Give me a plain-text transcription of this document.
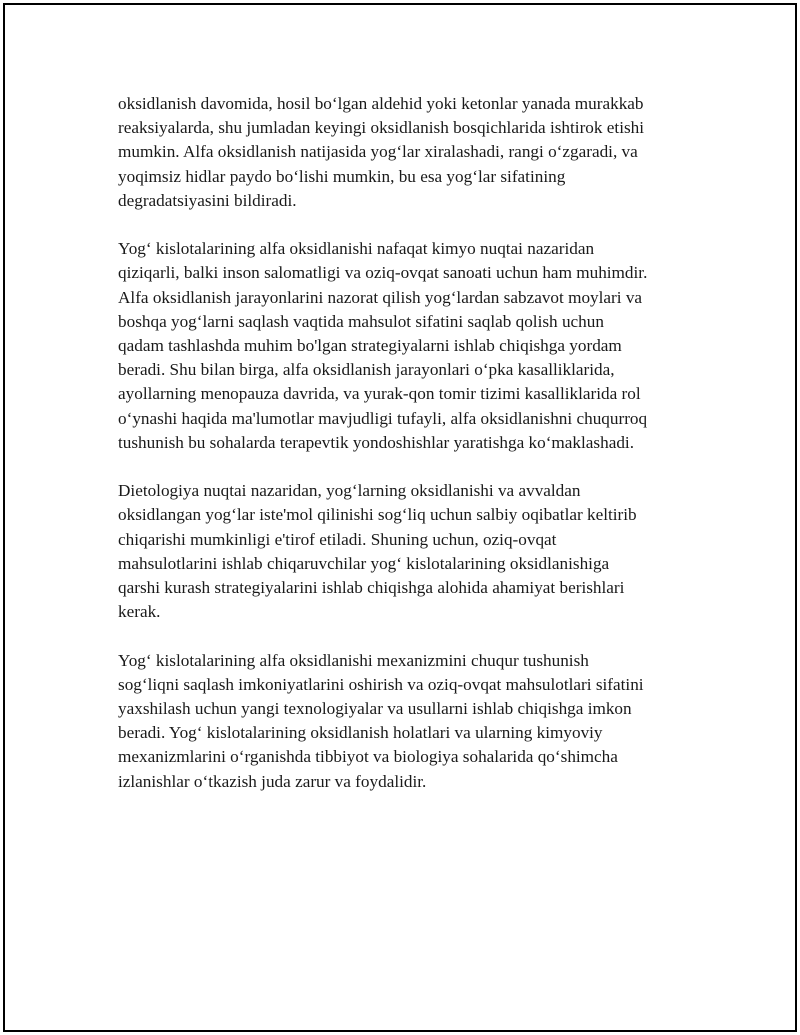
oksidlanish davomida, hosil bo‘lgan aldehid yoki ketonlar yanada murakkab
reaksiyalarda, shu jumladan keyingi oksidlanish bosqichlarida ishtirok etishi
mumkin. Alfa oksidlanish natijasida yog‘lar xiralashadi, rangi o‘zgaradi, va
yoqimsiz hidlar paydo bo‘lishi mumkin, bu esa yog‘lar sifatining
degradatsiyasini bildiradi.

Yog‘ kislotalarining alfa oksidlanishi nafaqat kimyo nuqtai nazaridan
qiziqarli, balki inson salomatligi va oziq-ovqat sanoati uchun ham muhimdir.
Alfa oksidlanish jarayonlarini nazorat qilish yog‘lardan sabzavot moylari va
boshqa yog‘larni saqlash vaqtida mahsulot sifatini saqlab qolish uchun
qadam tashlashda muhim bo'lgan strategiyalarni ishlab chiqishga yordam
beradi. Shu bilan birga, alfa oksidlanish jarayonlari o‘pka kasalliklarida,
ayollarning menopauza davrida, va yurak-qon tomir tizimi kasalliklarida rol
o‘ynashi haqida ma'lumotlar mavjudligi tufayli, alfa oksidlanishni chuqurroq
tushunish bu sohalarda terapevtik yondoshishlar yaratishga ko‘maklashadi.

Dietologiya nuqtai nazaridan, yog‘larning oksidlanishi va avvaldan
oksidlangan yog‘lar iste'mol qilinishi sog‘liq uchun salbiy oqibatlar keltirib
chiqarishi mumkinligi e'tirof etiladi. Shuning uchun, oziq-ovqat
mahsulotlarini ishlab chiqaruvchilar yog‘ kislotalarining oksidlanishiga
qarshi kurash strategiyalarini ishlab chiqishga alohida ahamiyat berishlari
kerak.

Yog‘ kislotalarining alfa oksidlanishi mexanizmini chuqur tushunish
sog‘liqni saqlash imkoniyatlarini oshirish va oziq-ovqat mahsulotlari sifatini
yaxshilash uchun yangi texnologiyalar va usullarni ishlab chiqishga imkon
beradi. Yog‘ kislotalarining oksidlanish holatlari va ularning kimyoviy
mexanizmlarini o‘rganishda tibbiyot va biologiya sohalarida qo‘shimcha
izlanishlar o‘tkazish juda zarur va foydalidir.
